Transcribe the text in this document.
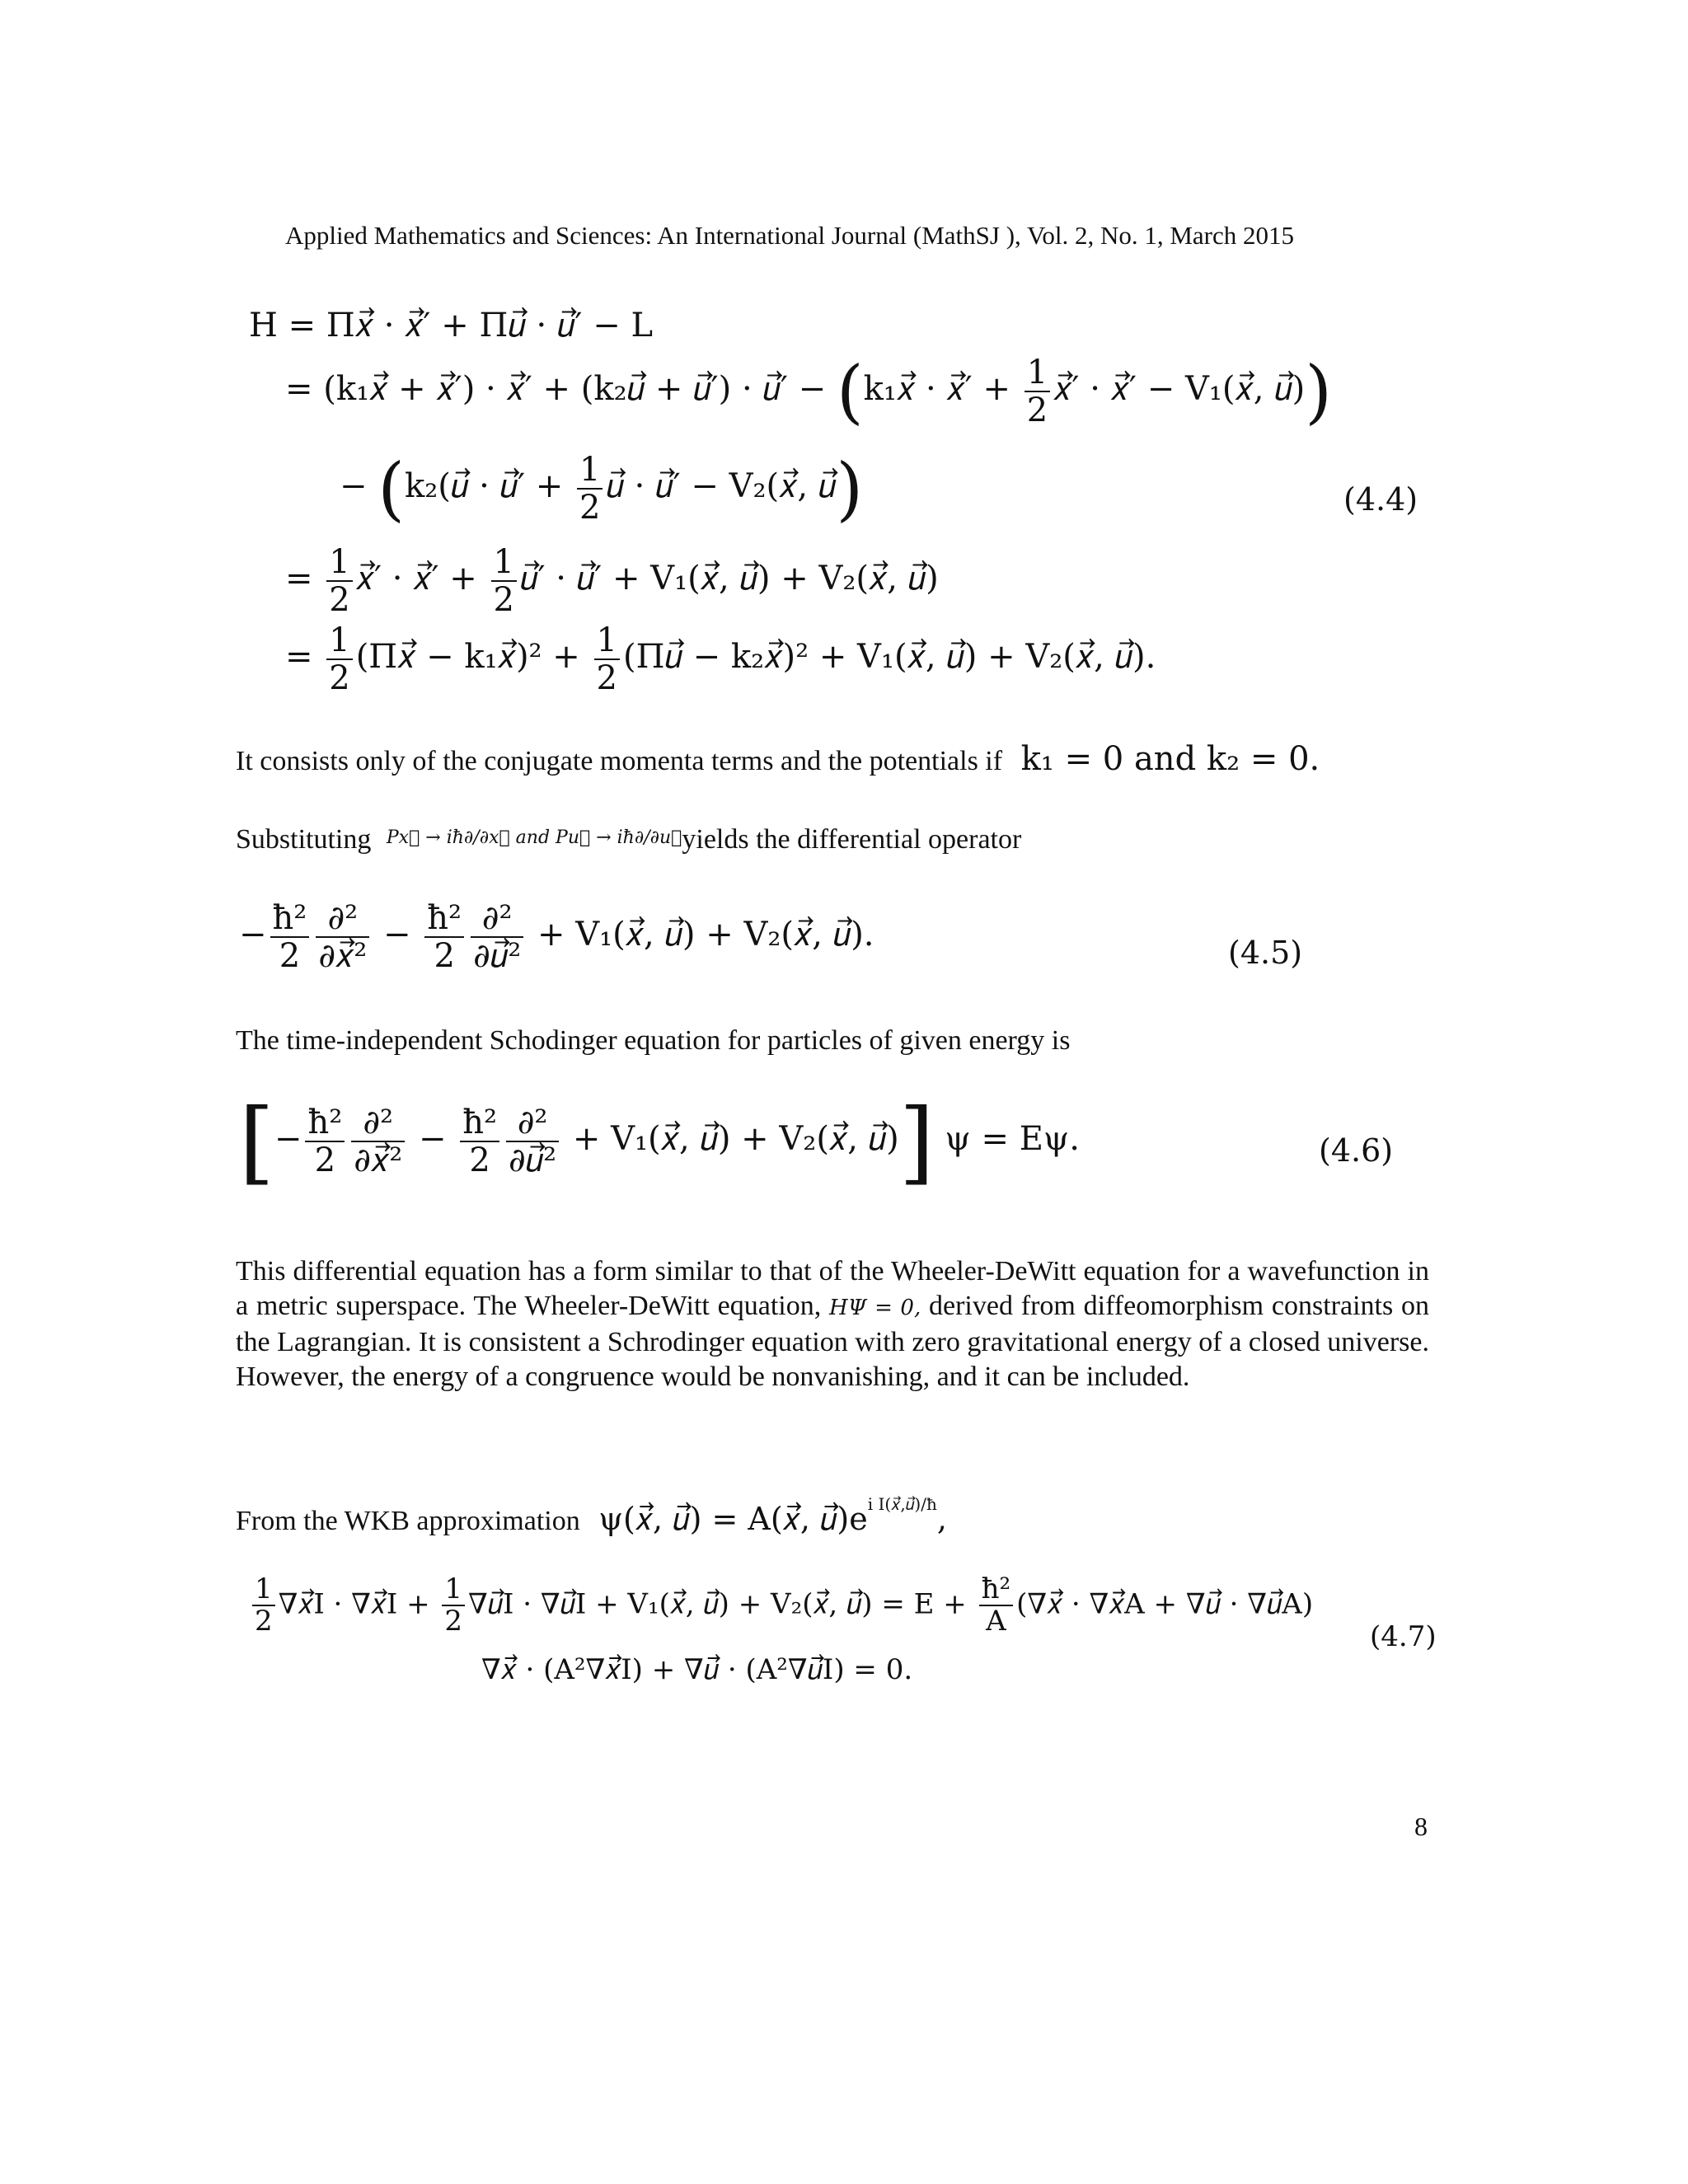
Applied Mathematics and Sciences: An International Journal (MathSJ ), Vol. 2, No. 1, March 2015
H = Π𝑥⃗ · 𝑥⃗′ + Π𝑢⃗ · 𝑢⃗′ − L
= (k₁𝑥⃗ + 𝑥⃗′) · 𝑥⃗′ + (k₂𝑢⃗ + 𝑢⃗′) · 𝑢⃗′ − (k₁𝑥⃗ · 𝑥⃗′ + $\frac{1}{2}$ 𝑥⃗′ · 𝑥⃗′ − V₁(𝑥⃗, 𝑢⃗))
− (k₂(𝑢⃗ · 𝑢⃗′ + $\frac{1}{2}$ 𝑢⃗ · 𝑢⃗′ − V₂(𝑥⃗, 𝑢⃗)	(4.4)
= $\frac{1}{2}$ 𝑥⃗′ · 𝑥⃗′ + $\frac{1}{2}$ 𝑢⃗′ · 𝑢⃗′ + V₁(𝑥⃗, 𝑢⃗) + V₂(𝑥⃗, 𝑢⃗)
= $\frac{1}{2}$ (Π𝑥⃗ − k₁𝑥⃗)² + $\frac{1}{2}$ (Π𝑢⃗ − k₂𝑥⃗)² + V₁(𝑥⃗, 𝑢⃗) + V₂(𝑥⃗, 𝑢⃗).
It consists only of the conjugate momenta terms and the potentials if k₁ = 0 and k₂ = 0.
Substituting P𝑥⃗ → iħ∂/∂𝑥⃗ and P𝑢⃗ → iħ∂/∂𝑢⃗yields the differential operator
− $\frac{\text{ħ²}}{2} \frac{\text{∂²}}{\text{∂𝑥⃗²}} - \frac{\text{ħ²}}{2} \frac{\text{∂²}}{\text{∂𝑢⃗²}}$ + V₁(𝑥⃗, 𝑢⃗) + V₂(𝑥⃗, 𝑢⃗).	(4.5)
The time-independent Schodinger equation for particles of given energy is
[− $\frac{\text{ħ²}}{2} \frac{\text{∂²}}{\text{∂𝑥⃗²}} - \frac{\text{ħ²}}{2} \frac{\text{∂²}}{\text{∂𝑢⃗²}}$ + V₁(𝑥⃗, 𝑢⃗) + V₂(𝑥⃗, 𝑢⃗)] ψ = Eψ.	(4.6)
This differential equation has a form similar to that of the Wheeler-DeWitt equation for a wavefunction in a metric superspace. The Wheeler-DeWitt equation, HΨ = 0, derived from diffeomorphism constraints on the Lagrangian. It is consistent a Schrodinger equation with zero gravitational energy of a closed universe. However, the energy of a congruence would be nonvanishing, and it can be included.
From the WKB approximation ψ(𝑥⃗, 𝑢⃗) = A(𝑥⃗, $𝑢⃗)e^{i I(𝑥⃗,𝑢⃗)/ħ}$,
$\frac{1}{2}$ ∇𝑥⃗I · ∇𝑥⃗I + $\frac{1}{2}$ ∇𝑢⃗I · ∇𝑢⃗I + V₁(𝑥⃗, 𝑢⃗) + V₂(𝑥⃗, 𝑢⃗) = $E + \frac{\text{ħ²}}{A}$ (∇𝑥⃗ · ∇𝑥⃗A + ∇𝑢⃗ · ∇𝑢⃗A)
∇𝑥⃗ · (A²∇𝑥⃗I) + ∇𝑢⃗ · (A²∇𝑢⃗I) = 0.
(4.7)
8
